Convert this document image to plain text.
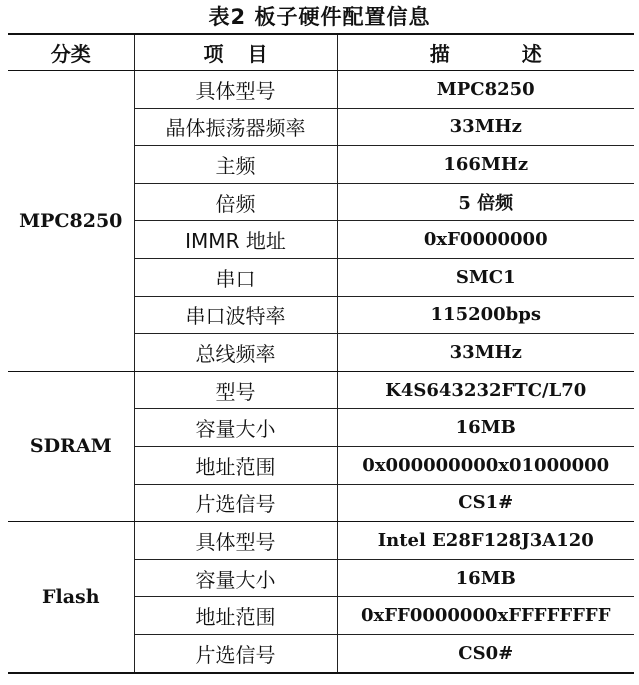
表2 板子硬件配置信息
分类	项目	描述
MPC8250	具体型号	MPC8250
	晶体振荡器频率	33MHz
	主频	166MHz
	倍频	5 倍频
	IMMR 地址	0xF0000000
	串口	SMC1
	串口波特率	115200bps
	总线频率	33MHz
SDRAM	型号	K4S643232FTC/L70
	容量大小	16MB
	地址范围	0x000000000x01000000
	片选信号	CS1#
Flash	具体型号	Intel E28F128J3A120
	容量大小	16MB
	地址范围	0xFF0000000xFFFFFFFF
	片选信号	CS0#
